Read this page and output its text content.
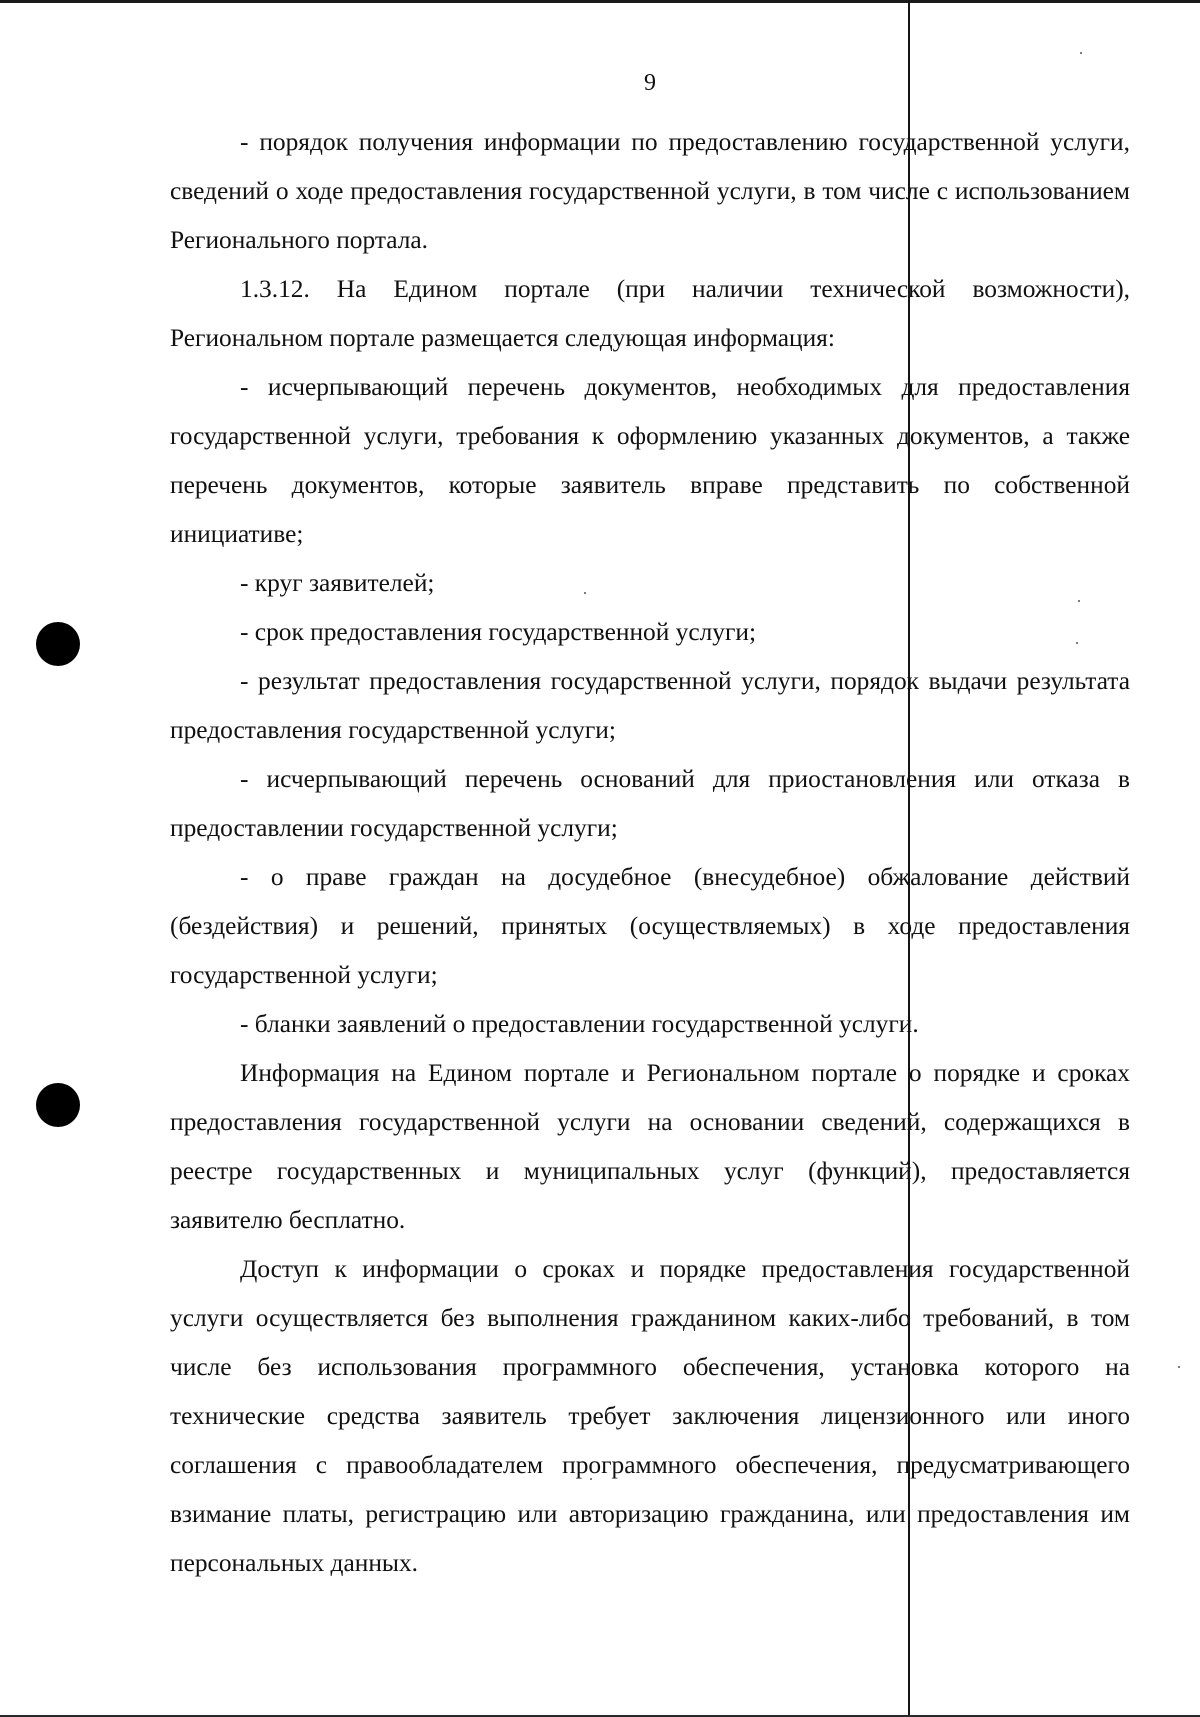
9

- порядок получения информации по предоставлению государственной услуги, сведений о ходе предоставления государственной услуги, в том числе с использованием Регионального портала.

1.3.12. На Едином портале (при наличии технической возможности), Региональном портале размещается следующая информация:

- исчерпывающий перечень документов, необходимых для предоставления государственной услуги, требования к оформлению указанных документов, а также перечень документов, которые заявитель вправе представить по собственной инициативе;

- круг заявителей;

- срок предоставления государственной услуги;

- результат предоставления государственной услуги, порядок выдачи результата предоставления государственной услуги;

- исчерпывающий перечень оснований для приостановления или отказа в предоставлении государственной услуги;

- о праве граждан на досудебное (внесудебное) обжалование действий (бездействия) и решений, принятых (осуществляемых) в ходе предоставления государственной услуги;

- бланки заявлений о предоставлении государственной услуги.

Информация на Едином портале и Региональном портале о порядке и сроках предоставления государственной услуги на основании сведений, содержащихся в реестре государственных и муниципальных услуг (функций), предоставляется заявителю бесплатно.

Доступ к информации о сроках и порядке предоставления государственной услуги осуществляется без выполнения гражданином каких-либо требований, в том числе без использования программного обеспечения, установка которого на технические средства заявитель требует заключения лицензионного или иного соглашения с правообладателем программного обеспечения, предусматривающего взимание платы, регистрацию или авторизацию гражданина, или предоставления им персональных данных.
